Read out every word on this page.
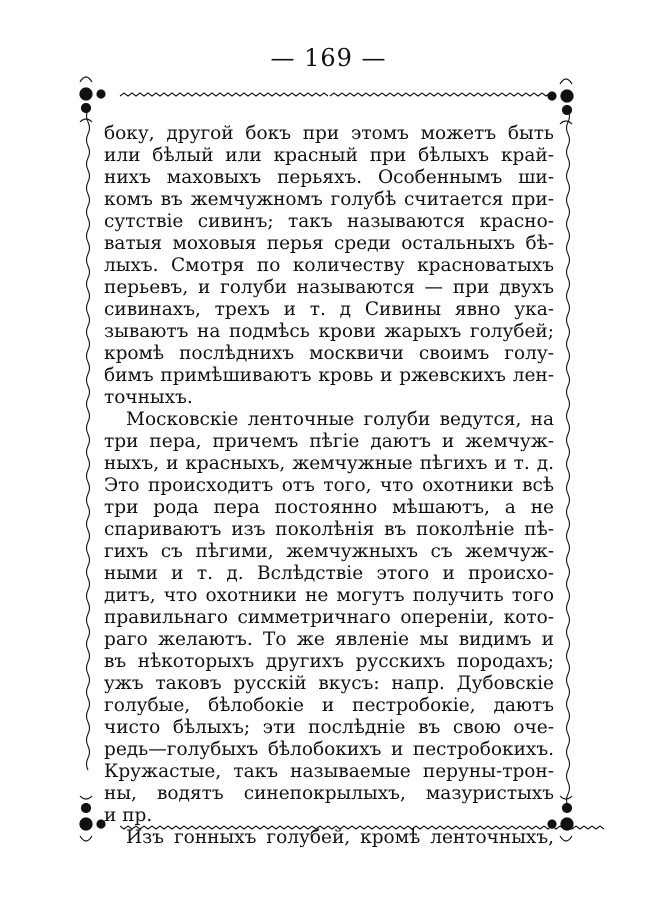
— 169 —
боку, другой бокъ при этомъ можетъ быть
или бѣлый или красный при бѣлыхъ край-
нихъ маховыхъ перьяхъ. Особеннымъ ши-
комъ въ жемчужномъ голубѣ считается при-
сутствіе сивинъ; такъ называются красно-
ватыя моховыя перья среди остальныхъ бѣ-
лыхъ. Смотря по количеству красноватыхъ
перьевъ, и голуби называются — при двухъ
сивинахъ, трехъ и т. д Сивины явно ука-
зываютъ на подмѣсь крови жарыхъ голубей;
кромѣ послѣднихъ москвичи своимъ голу-
бимъ примѣшиваютъ кровь и ржевскихъ лен-
точныхъ.
Московскіе ленточные голуби ведутся, на
три пера, причемъ пѣгіе даютъ и жемчуж-
ныхъ, и красныхъ, жемчужные пѣгихъ и т. д.
Это происходитъ отъ того, что охотники всѣ
три рода пера постоянно мѣшаютъ, а не
спариваютъ изъ поколѣнія въ поколѣніе пѣ-
гихъ съ пѣгими, жемчужныхъ съ жемчуж-
ными и т. д. Вслѣдствіе этого и происхо-
дитъ, что охотники не могутъ получить того
правильнаго симметричнаго опереніи, кото-
раго желаютъ. То же явленіе мы видимъ и
въ нѣкоторыхъ другихъ русскихъ породахъ;
ужъ таковъ русскій вкусъ: напр. Дубовскіе
голубые, бѣлобокіе и пестробокіе, даютъ
чисто бѣлыхъ; эти послѣдніе въ свою оче-
редь—голубыхъ бѣлобокихъ и пестробокихъ.
Кружастые, такъ называемые перуны-трон-
ны, водятъ синепокрылыхъ, мазуристыхъ
и пр.
Изъ гонныхъ голубей, кромѣ ленточныхъ,
